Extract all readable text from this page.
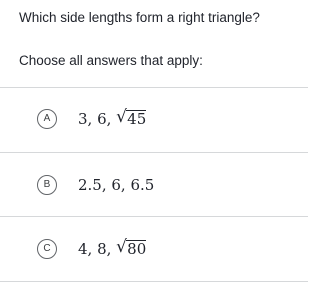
Which side lengths form a right triangle?
Choose all answers that apply:
A	3, 6, √ 45
B	2.5, 6, 6.5
C	4, 8, √ 80
